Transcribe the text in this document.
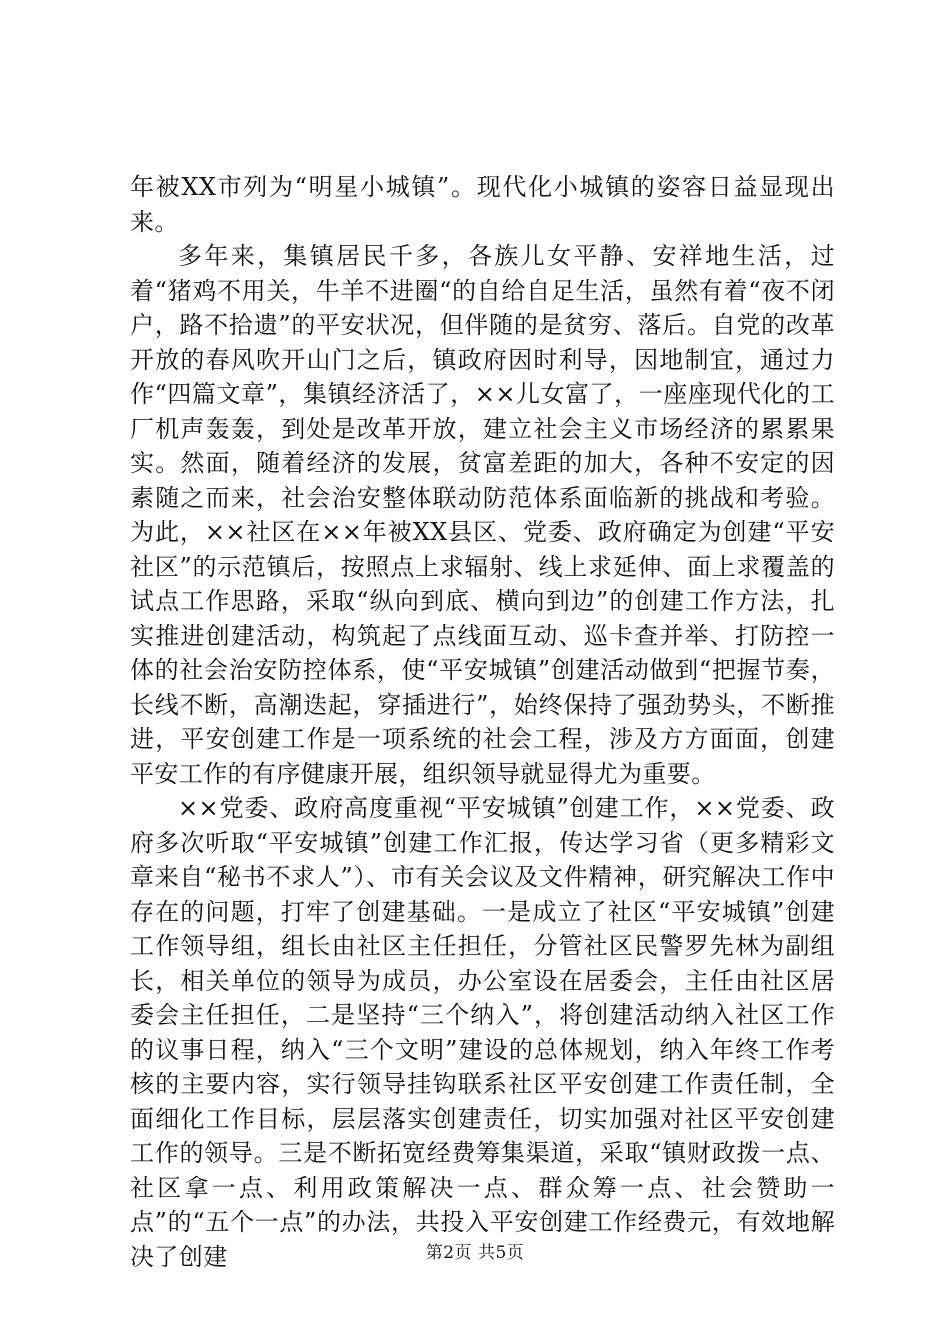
年被XX市列为“明星小城镇”。现代化小城镇的姿容日益显现出来。

多年来，集镇居民千多，各族儿女平静、安祥地生活，过着“猪鸡不用关，牛羊不进圈“的自给自足生活，虽然有着“夜不闭户，路不拾遗”的平安状况，但伴随的是贫穷、落后。自党的改革开放的春风吹开山门之后，镇政府因时利导，因地制宜，通过力作“四篇文章”，集镇经济活了，××儿女富了，一座座现代化的工厂机声轰轰，到处是改革开放，建立社会主义市场经济的累累果实。然面，随着经济的发展，贫富差距的加大，各种不安定的因素随之而来，社会治安整体联动防范体系面临新的挑战和考验。为此，××社区在××年被XX县区、党委、政府确定为创建“平安社区”的示范镇后，按照点上求辐射、线上求延伸、面上求覆盖的试点工作思路，采取“纵向到底、横向到边”的创建工作方法，扎实推进创建活动，构筑起了点线面互动、巡卡查并举、打防控一体的社会治安防控体系，使“平安城镇”创建活动做到“把握节奏，长线不断，高潮迭起，穿插进行”，始终保持了强劲势头，不断推进，平安创建工作是一项系统的社会工程，涉及方方面面，创建平安工作的有序健康开展，组织领导就显得尤为重要。

××党委、政府高度重视“平安城镇”创建工作，××党委、政府多次听取“平安城镇”创建工作汇报，传达学习省（更多精彩文章来自“秘书不求人”）、市有关会议及文件精神，研究解决工作中存在的问题，打牢了创建基础。一是成立了社区“平安城镇”创建工作领导组，组长由社区主任担任，分管社区民警罗先林为副组长，相关单位的领导为成员，办公室设在居委会，主任由社区居委会主任担任，二是坚持“三个纳入”，将创建活动纳入社区工作的议事日程，纳入“三个文明”建设的总体规划，纳入年终工作考核的主要内容，实行领导挂钩联系社区平安创建工作责任制，全面细化工作目标，层层落实创建责任，切实加强对社区平安创建工作的领导。三是不断拓宽经费筹集渠道，采取“镇财政拨一点、社区拿一点、利用政策解决一点、群众筹一点、社会赞助一点”的“五个一点”的办法，共投入平安创建工作经费元，有效地解决了创建	第2页 共5页
